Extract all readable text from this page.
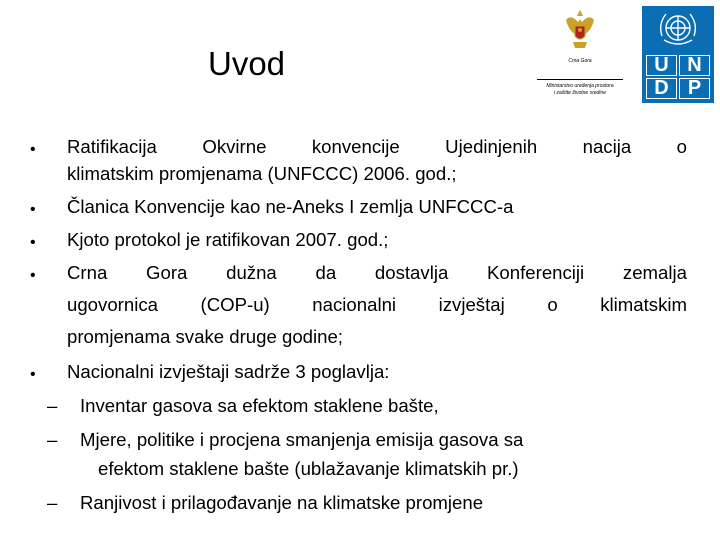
Uvod	Crna Gora
Ministarstvo uređenja prostora
i zaštite životne sredine
U N
D P
• Ratifikacija Okvirne konvencije Ujedinjenih nacija o
klimatskim promjenama (UNFCCC) 2006. god.;
• Članica Konvencije kao ne-Aneks I zemlja UNFCCC-a
• Kjoto protokol je ratifikovan 2007. god.;
• Crna Gora dužna da dostavlja Konferenciji zemalja
ugovornica (COP-u) nacionalni izvještaj o klimatskim
promjenama svake druge godine;
• Nacionalni izvještaji sadrže 3 poglavlja:
– Inventar gasova sa efektom staklene bašte,
– Mjere, politike i procjena smanjenja emisija gasova sa
efektom staklene bašte (ublažavanje klimatskih pr.)
– Ranjivost i prilagođavanje na klimatske promjene
